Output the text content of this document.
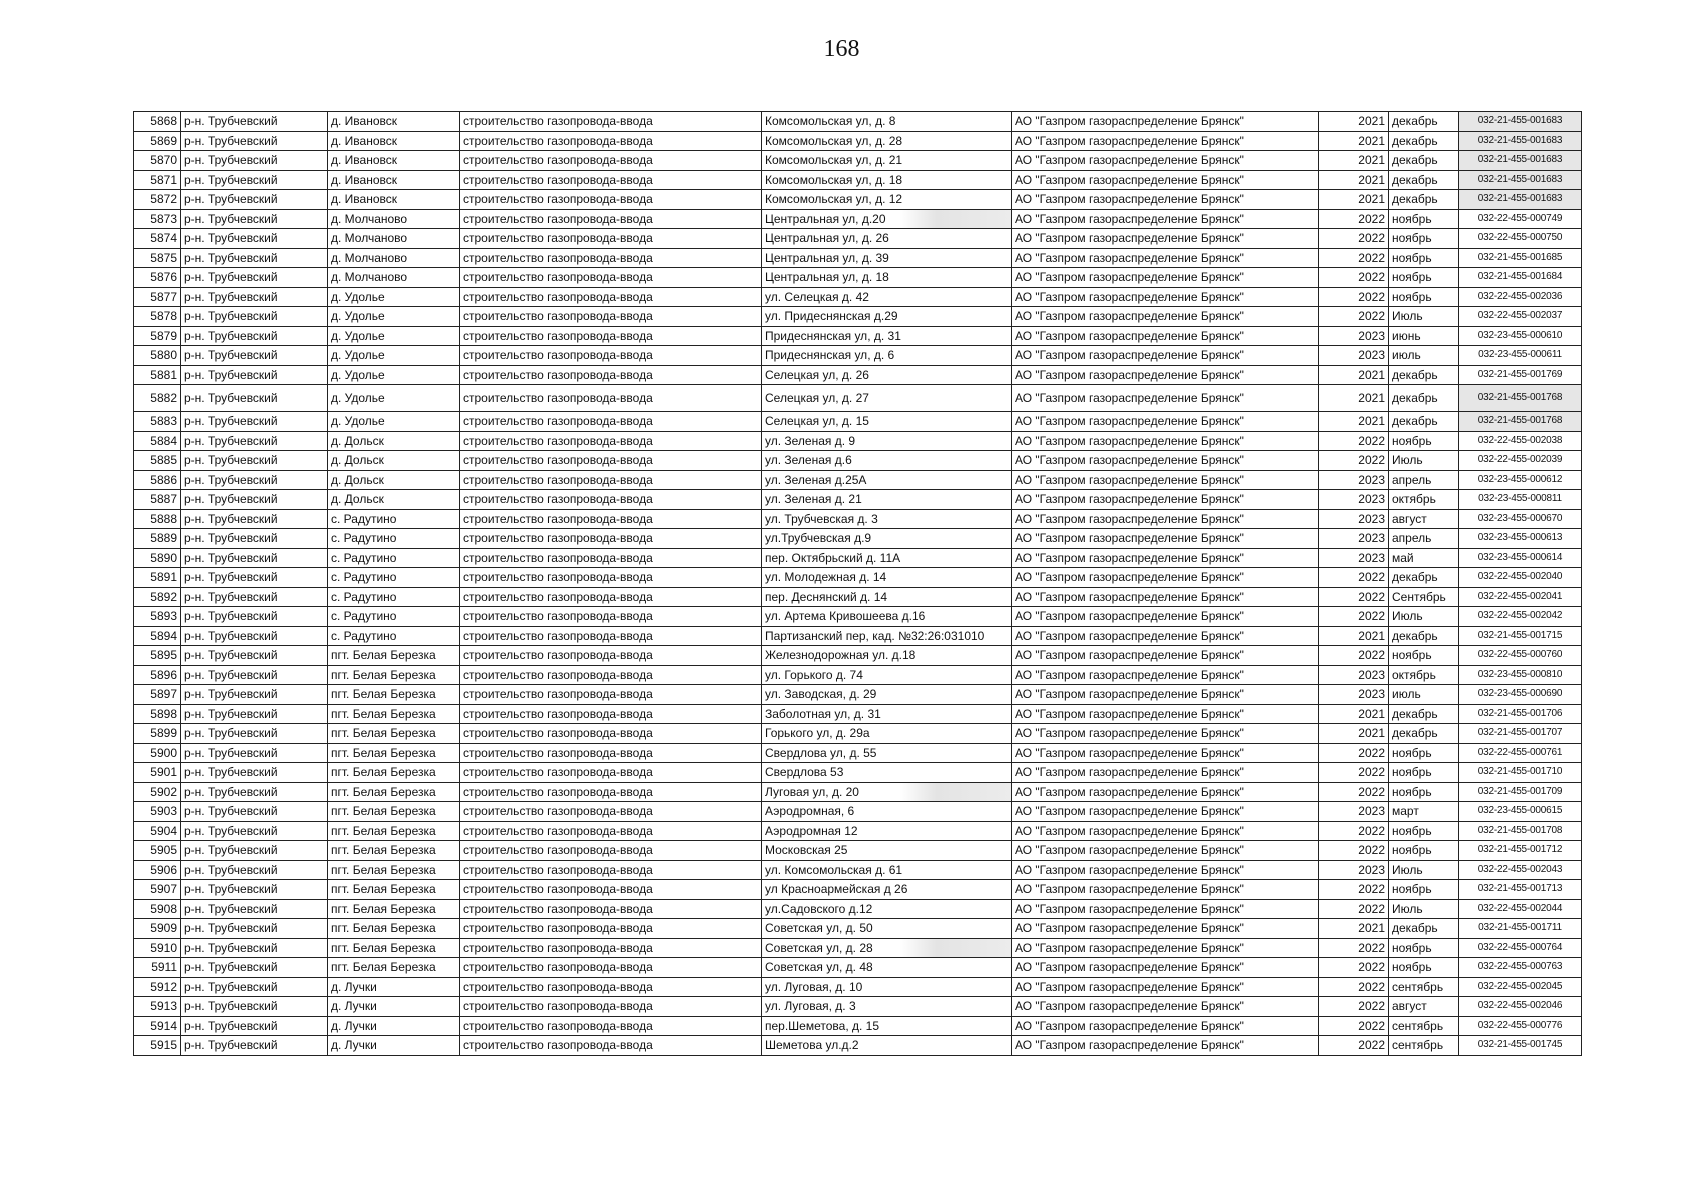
168
5868	р-н. Трубчевский	д. Ивановск	строительство газопровода-ввода	Комсомольская ул, д. 8	АО "Газпром газораспределение Брянск"	2021	декабрь	032-21-455-001683
5869	р-н. Трубчевский	д. Ивановск	строительство газопровода-ввода	Комсомольская ул, д. 28	АО "Газпром газораспределение Брянск"	2021	декабрь	032-21-455-001683
5870	р-н. Трубчевский	д. Ивановск	строительство газопровода-ввода	Комсомольская ул, д. 21	АО "Газпром газораспределение Брянск"	2021	декабрь	032-21-455-001683
5871	р-н. Трубчевский	д. Ивановск	строительство газопровода-ввода	Комсомольская ул, д. 18	АО "Газпром газораспределение Брянск"	2021	декабрь	032-21-455-001683
5872	р-н. Трубчевский	д. Ивановск	строительство газопровода-ввода	Комсомольская ул, д. 12	АО "Газпром газораспределение Брянск"	2021	декабрь	032-21-455-001683
5873	р-н. Трубчевский	д. Молчаново	строительство газопровода-ввода	Центральная ул, д.20	АО "Газпром газораспределение Брянск"	2022	ноябрь	032-22-455-000749
5874	р-н. Трубчевский	д. Молчаново	строительство газопровода-ввода	Центральная ул, д. 26	АО "Газпром газораспределение Брянск"	2022	ноябрь	032-22-455-000750
5875	р-н. Трубчевский	д. Молчаново	строительство газопровода-ввода	Центральная ул, д. 39	АО "Газпром газораспределение Брянск"	2022	ноябрь	032-21-455-001685
5876	р-н. Трубчевский	д. Молчаново	строительство газопровода-ввода	Центральная ул, д. 18	АО "Газпром газораспределение Брянск"	2022	ноябрь	032-21-455-001684
5877	р-н. Трубчевский	д. Удолье	строительство газопровода-ввода	ул. Селецкая д. 42	АО "Газпром газораспределение Брянск"	2022	ноябрь	032-22-455-002036
5878	р-н. Трубчевский	д. Удолье	строительство газопровода-ввода	ул. Придеснянская д.29	АО "Газпром газораспределение Брянск"	2022	Июль	032-22-455-002037
5879	р-н. Трубчевский	д. Удолье	строительство газопровода-ввода	Придеснянская ул, д. 31	АО "Газпром газораспределение Брянск"	2023	июнь	032-23-455-000610
5880	р-н. Трубчевский	д. Удолье	строительство газопровода-ввода	Придеснянская ул, д. 6	АО "Газпром газораспределение Брянск"	2023	июль	032-23-455-000611
5881	р-н. Трубчевский	д. Удолье	строительство газопровода-ввода	Селецкая ул, д. 26	АО "Газпром газораспределение Брянск"	2021	декабрь	032-21-455-001769
5882	р-н. Трубчевский	д. Удолье	строительство газопровода-ввода	Селецкая ул, д. 27	АО "Газпром газораспределение Брянск"	2021	декабрь	032-21-455-001768
5883	р-н. Трубчевский	д. Удолье	строительство газопровода-ввода	Селецкая ул, д. 15	АО "Газпром газораспределение Брянск"	2021	декабрь	032-21-455-001768
5884	р-н. Трубчевский	д. Дольск	строительство газопровода-ввода	ул. Зеленая д. 9	АО "Газпром газораспределение Брянск"	2022	ноябрь	032-22-455-002038
5885	р-н. Трубчевский	д. Дольск	строительство газопровода-ввода	ул. Зеленая д.6	АО "Газпром газораспределение Брянск"	2022	Июль	032-22-455-002039
5886	р-н. Трубчевский	д. Дольск	строительство газопровода-ввода	ул. Зеленая д.25А	АО "Газпром газораспределение Брянск"	2023	апрель	032-23-455-000612
5887	р-н. Трубчевский	д. Дольск	строительство газопровода-ввода	ул. Зеленая д. 21	АО "Газпром газораспределение Брянск"	2023	октябрь	032-23-455-000811
5888	р-н. Трубчевский	с. Радутино	строительство газопровода-ввода	ул. Трубчевская д. 3	АО "Газпром газораспределение Брянск"	2023	август	032-23-455-000670
5889	р-н. Трубчевский	с. Радутино	строительство газопровода-ввода	ул.Трубчевская д.9	АО "Газпром газораспределение Брянск"	2023	апрель	032-23-455-000613
5890	р-н. Трубчевский	с. Радутино	строительство газопровода-ввода	пер. Октябрьский д. 11А	АО "Газпром газораспределение Брянск"	2023	май	032-23-455-000614
5891	р-н. Трубчевский	с. Радутино	строительство газопровода-ввода	ул. Молодежная д. 14	АО "Газпром газораспределение Брянск"	2022	декабрь	032-22-455-002040
5892	р-н. Трубчевский	с. Радутино	строительство газопровода-ввода	пер. Деснянский д. 14	АО "Газпром газораспределение Брянск"	2022	Сентябрь	032-22-455-002041
5893	р-н. Трубчевский	с. Радутино	строительство газопровода-ввода	ул. Артема Кривошеева д.16	АО "Газпром газораспределение Брянск"	2022	Июль	032-22-455-002042
5894	р-н. Трубчевский	с. Радутино	строительство газопровода-ввода	Партизанский пер, кад. №32:26:031010	АО "Газпром газораспределение Брянск"	2021	декабрь	032-21-455-001715
5895	р-н. Трубчевский	пгт. Белая Березка	строительство газопровода-ввода	Железнодорожная ул. д.18	АО "Газпром газораспределение Брянск"	2022	ноябрь	032-22-455-000760
5896	р-н. Трубчевский	пгт. Белая Березка	строительство газопровода-ввода	ул. Горького д. 74	АО "Газпром газораспределение Брянск"	2023	октябрь	032-23-455-000810
5897	р-н. Трубчевский	пгт. Белая Березка	строительство газопровода-ввода	ул. Заводская, д. 29	АО "Газпром газораспределение Брянск"	2023	июль	032-23-455-000690
5898	р-н. Трубчевский	пгт. Белая Березка	строительство газопровода-ввода	Заболотная ул, д. 31	АО "Газпром газораспределение Брянск"	2021	декабрь	032-21-455-001706
5899	р-н. Трубчевский	пгт. Белая Березка	строительство газопровода-ввода	Горького ул, д. 29а	АО "Газпром газораспределение Брянск"	2021	декабрь	032-21-455-001707
5900	р-н. Трубчевский	пгт. Белая Березка	строительство газопровода-ввода	Свердлова ул, д. 55	АО "Газпром газораспределение Брянск"	2022	ноябрь	032-22-455-000761
5901	р-н. Трубчевский	пгт. Белая Березка	строительство газопровода-ввода	Свердлова 53	АО "Газпром газораспределение Брянск"	2022	ноябрь	032-21-455-001710
5902	р-н. Трубчевский	пгт. Белая Березка	строительство газопровода-ввода	Луговая ул, д. 20	АО "Газпром газораспределение Брянск"	2022	ноябрь	032-21-455-001709
5903	р-н. Трубчевский	пгт. Белая Березка	строительство газопровода-ввода	Аэродромная, 6	АО "Газпром газораспределение Брянск"	2023	март	032-23-455-000615
5904	р-н. Трубчевский	пгт. Белая Березка	строительство газопровода-ввода	Аэродромная 12	АО "Газпром газораспределение Брянск"	2022	ноябрь	032-21-455-001708
5905	р-н. Трубчевский	пгт. Белая Березка	строительство газопровода-ввода	Московская 25	АО "Газпром газораспределение Брянск"	2022	ноябрь	032-21-455-001712
5906	р-н. Трубчевский	пгт. Белая Березка	строительство газопровода-ввода	ул. Комсомольская д. 61	АО "Газпром газораспределение Брянск"	2023	Июль	032-22-455-002043
5907	р-н. Трубчевский	пгт. Белая Березка	строительство газопровода-ввода	ул Красноармейская д 26	АО "Газпром газораспределение Брянск"	2022	ноябрь	032-21-455-001713
5908	р-н. Трубчевский	пгт. Белая Березка	строительство газопровода-ввода	ул.Садовского д.12	АО "Газпром газораспределение Брянск"	2022	Июль	032-22-455-002044
5909	р-н. Трубчевский	пгт. Белая Березка	строительство газопровода-ввода	Советская ул, д. 50	АО "Газпром газораспределение Брянск"	2021	декабрь	032-21-455-001711
5910	р-н. Трубчевский	пгт. Белая Березка	строительство газопровода-ввода	Советская ул, д. 28	АО "Газпром газораспределение Брянск"	2022	ноябрь	032-22-455-000764
5911	р-н. Трубчевский	пгт. Белая Березка	строительство газопровода-ввода	Советская ул, д. 48	АО "Газпром газораспределение Брянск"	2022	ноябрь	032-22-455-000763
5912	р-н. Трубчевский	д. Лучки	строительство газопровода-ввода	ул. Луговая, д. 10	АО "Газпром газораспределение Брянск"	2022	сентябрь	032-22-455-002045
5913	р-н. Трубчевский	д. Лучки	строительство газопровода-ввода	ул. Луговая, д. 3	АО "Газпром газораспределение Брянск"	2022	август	032-22-455-002046
5914	р-н. Трубчевский	д. Лучки	строительство газопровода-ввода	пер.Шеметова, д. 15	АО "Газпром газораспределение Брянск"	2022	сентябрь	032-22-455-000776
5915	р-н. Трубчевский	д. Лучки	строительство газопровода-ввода	Шеметова ул.д.2	АО "Газпром газораспределение Брянск"	2022	сентябрь	032-21-455-001745
